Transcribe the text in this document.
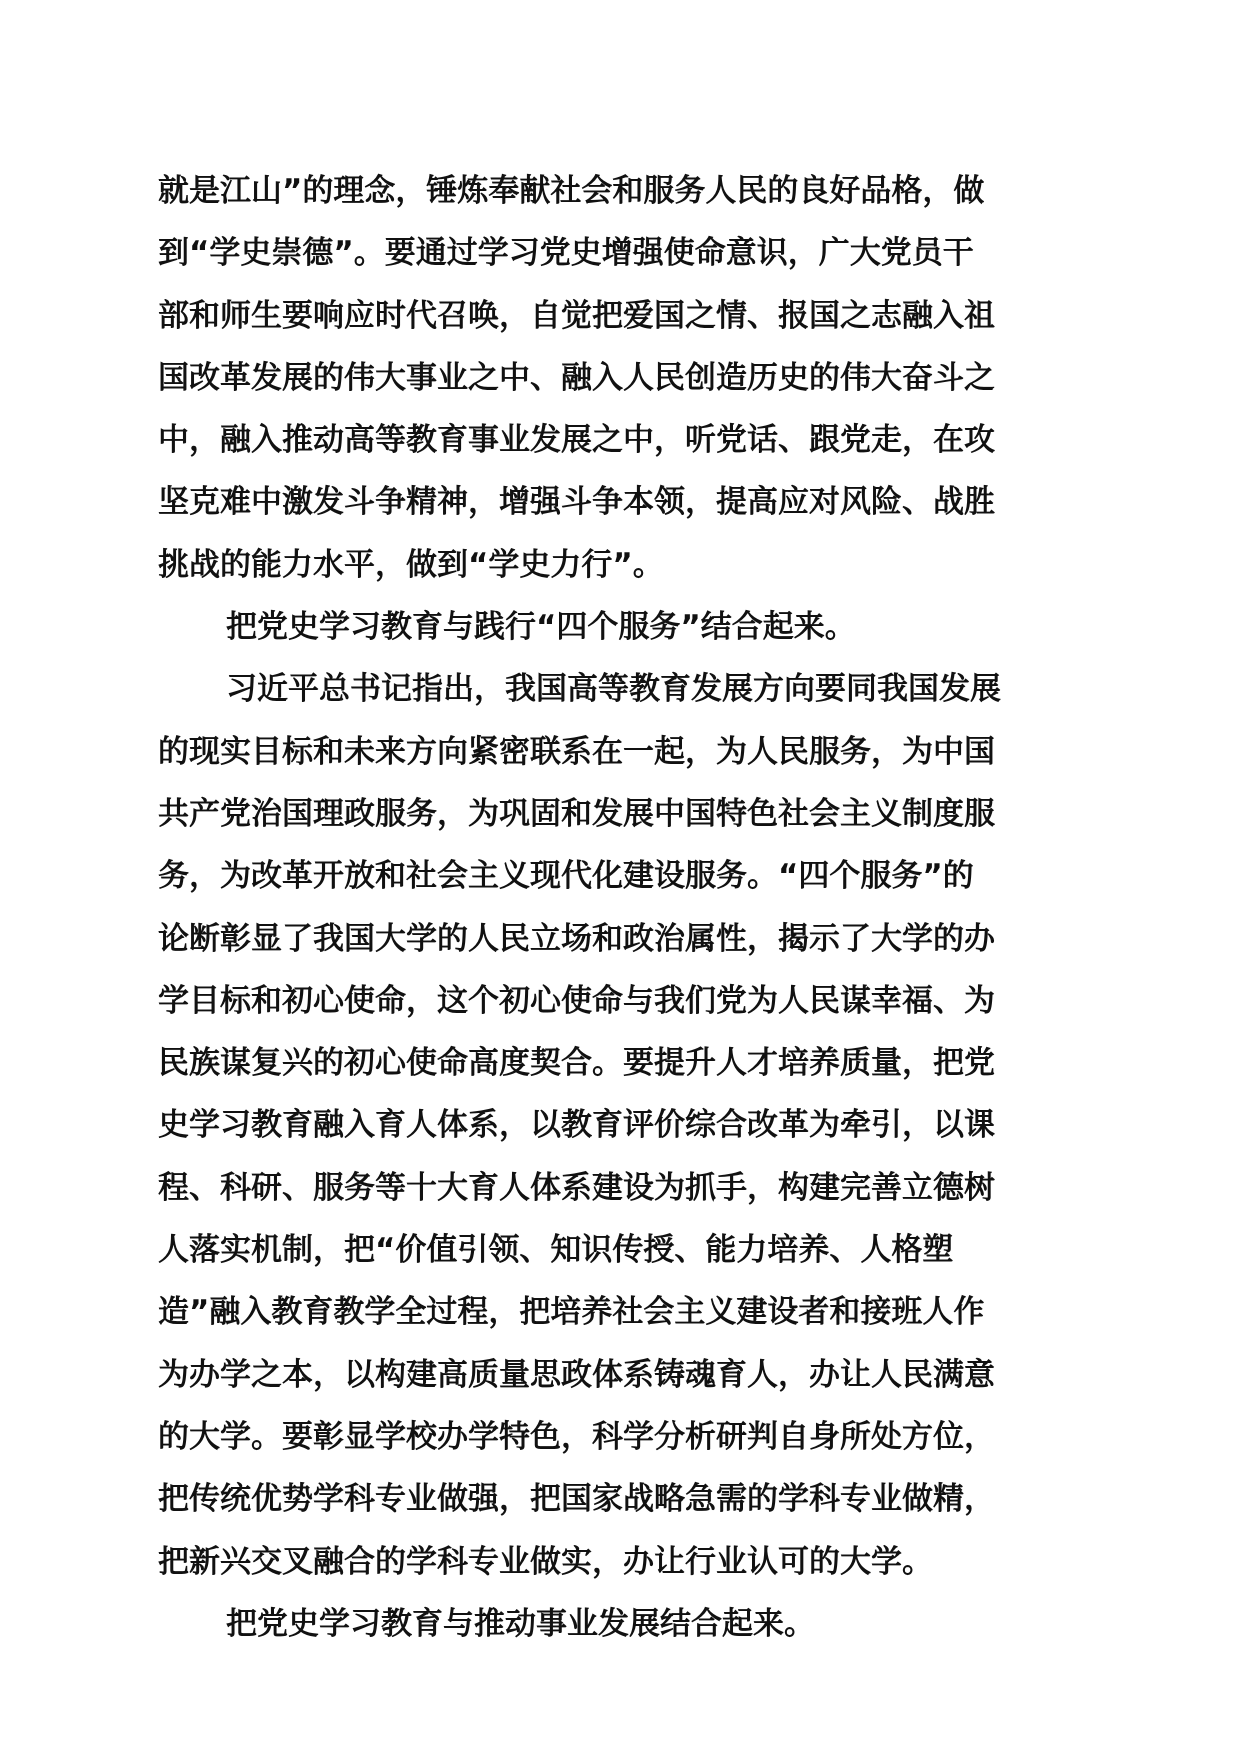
就是江山”的理念，锤炼奉献社会和服务人民的良好品格，做
到“学史崇德”。要通过学习党史增强使命意识，广大党员干
部和师生要响应时代召唤，自觉把爱国之情、报国之志融入祖
国改革发展的伟大事业之中、融入人民创造历史的伟大奋斗之
中，融入推动高等教育事业发展之中，听党话、跟党走，在攻
坚克难中激发斗争精神，增强斗争本领，提高应对风险、战胜
挑战的能力水平，做到“学史力行”。
把党史学习教育与践行“四个服务”结合起来。
习近平总书记指出，我国高等教育发展方向要同我国发展
的现实目标和未来方向紧密联系在一起，为人民服务，为中国
共产党治国理政服务，为巩固和发展中国特色社会主义制度服
务，为改革开放和社会主义现代化建设服务。“四个服务”的
论断彰显了我国大学的人民立场和政治属性，揭示了大学的办
学目标和初心使命，这个初心使命与我们党为人民谋幸福、为
民族谋复兴的初心使命高度契合。要提升人才培养质量，把党
史学习教育融入育人体系，以教育评价综合改革为牵引，以课
程、科研、服务等十大育人体系建设为抓手，构建完善立德树
人落实机制，把“价值引领、知识传授、能力培养、人格塑
造”融入教育教学全过程，把培养社会主义建设者和接班人作
为办学之本，以构建高质量思政体系铸魂育人，办让人民满意
的大学。要彰显学校办学特色，科学分析研判自身所处方位，
把传统优势学科专业做强，把国家战略急需的学科专业做精，
把新兴交叉融合的学科专业做实，办让行业认可的大学。
把党史学习教育与推动事业发展结合起来。
